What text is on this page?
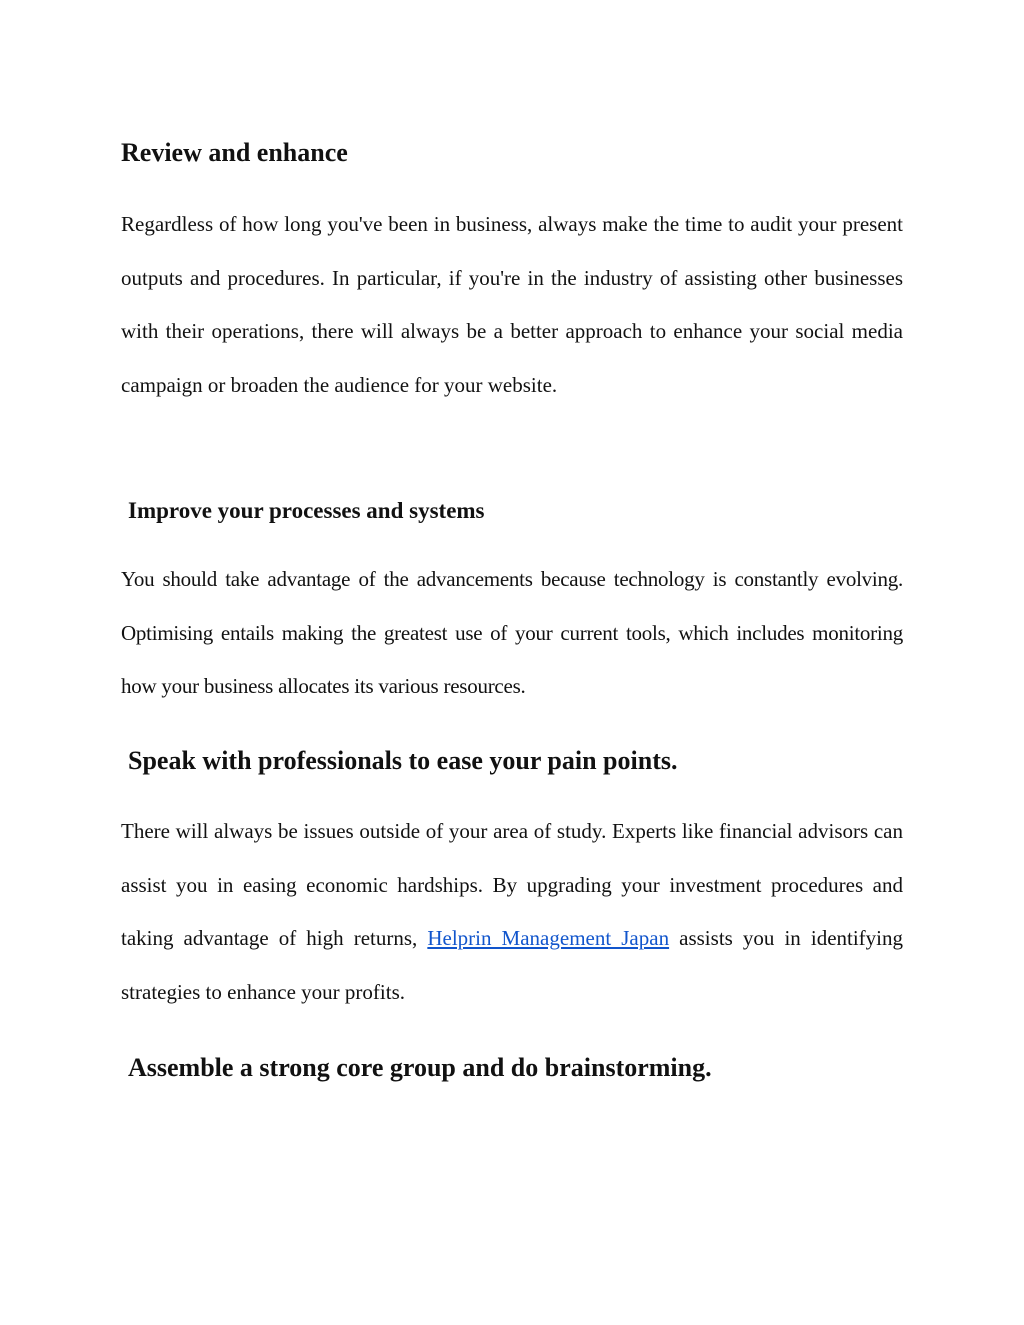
Review and enhance

Regardless of how long you've been in business, always make the time to audit your present outputs and procedures. In particular, if you're in the industry of assisting other businesses with their operations, there will always be a better approach to enhance your social media campaign or broaden the audience for your website.

Improve your processes and systems

You should take advantage of the advancements because technology is constantly evolving. Optimising entails making the greatest use of your current tools, which includes monitoring how your business allocates its various resources.

Speak with professionals to ease your pain points.

There will always be issues outside of your area of study. Experts like financial advisors can assist you in easing economic hardships. By upgrading your investment procedures and taking advantage of high returns, Helprin Management Japan assists you in identifying strategies to enhance your profits.

Assemble a strong core group and do brainstorming.
